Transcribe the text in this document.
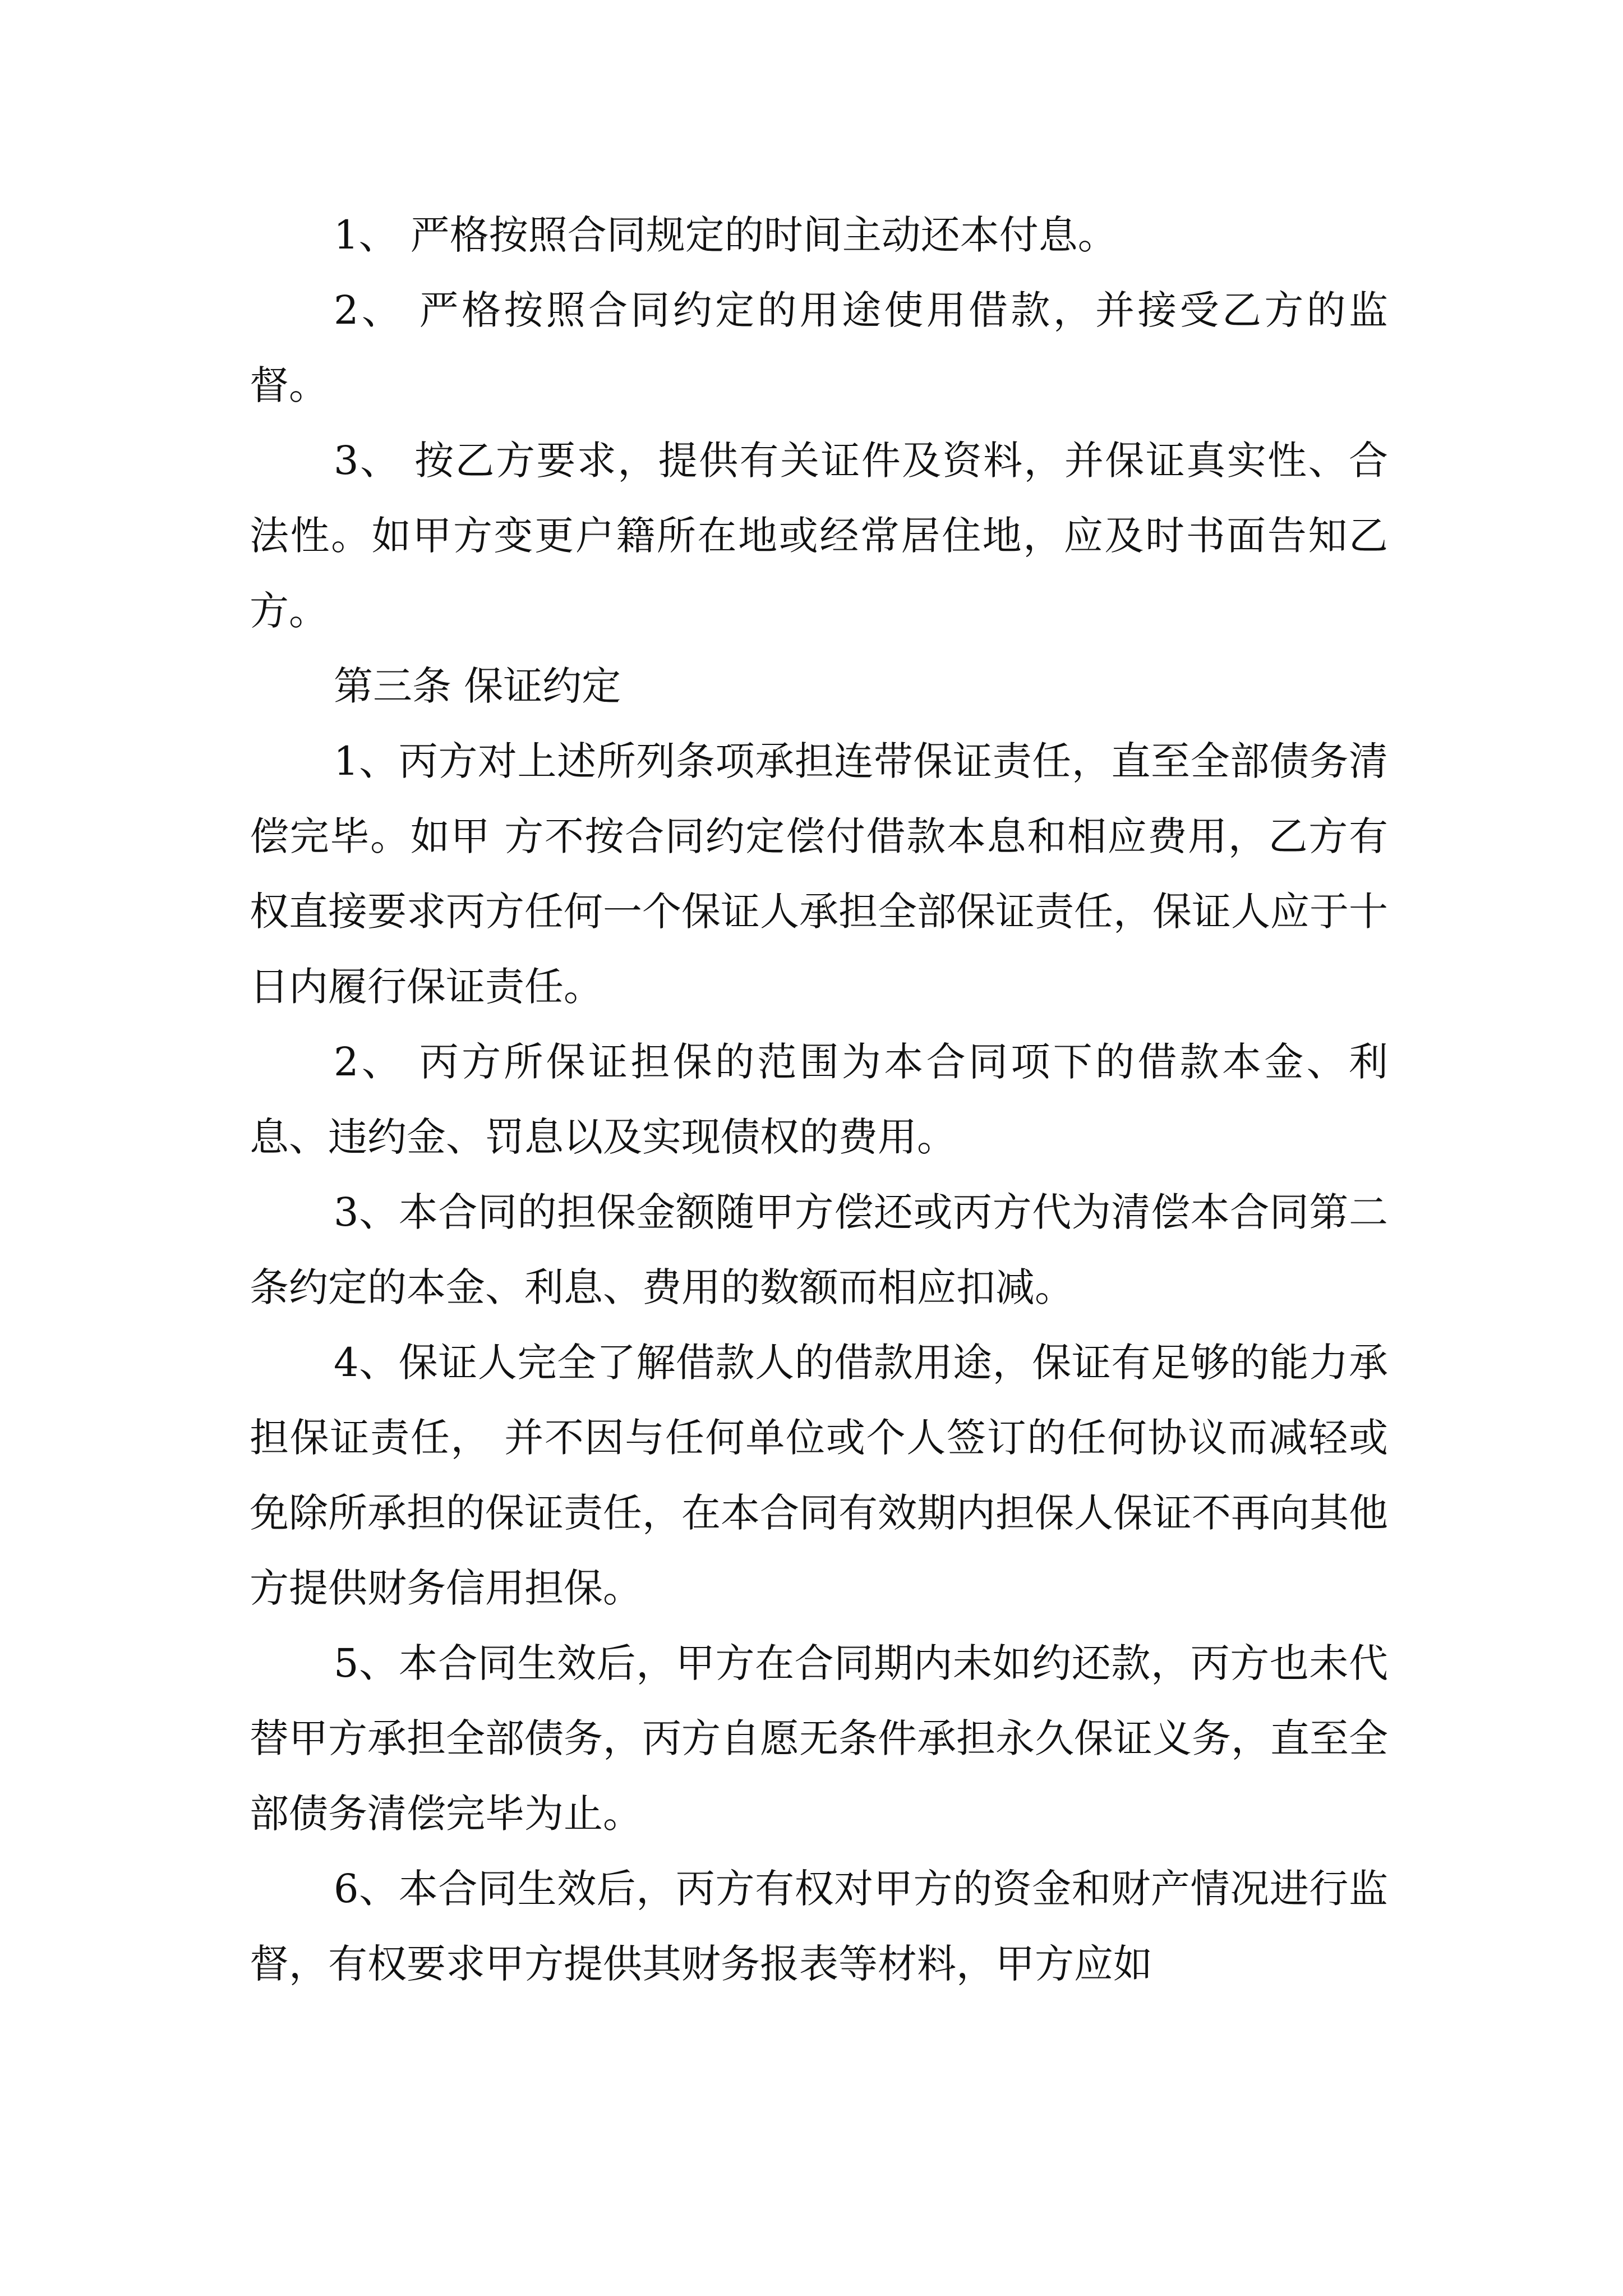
1、 严格按照合同规定的时间主动还本付息。

2、 严格按照合同约定的用途使用借款，并接受乙方的监督。

3、 按乙方要求，提供有关证件及资料，并保证真实性、合法性。如甲方变更户籍所在地或经常居住地，应及时书面告知乙方。

第三条 保证约定

1、丙方对上述所列条项承担连带保证责任，直至全部债务清偿完毕。如甲 方不按合同约定偿付借款本息和相应费用，乙方有权直接要求丙方任何一个保证人承担全部保证责任，保证人应于十日内履行保证责任。

2、 丙方所保证担保的范围为本合同项下的借款本金、利息、违约金、罚息以及实现债权的费用。

3、本合同的担保金额随甲方偿还或丙方代为清偿本合同第二条约定的本金、利息、费用的数额而相应扣减。

4、保证人完全了解借款人的借款用途，保证有足够的能力承担保证责任， 并不因与任何单位或个人签订的任何协议而减轻或免除所承担的保证责任，在本合同有效期内担保人保证不再向其他方提供财务信用担保。

5、本合同生效后，甲方在合同期内未如约还款，丙方也未代替甲方承担全部债务，丙方自愿无条件承担永久保证义务，直至全部债务清偿完毕为止。

6、本合同生效后，丙方有权对甲方的资金和财产情况进行监督，有权要求甲方提供其财务报表等材料，甲方应如
